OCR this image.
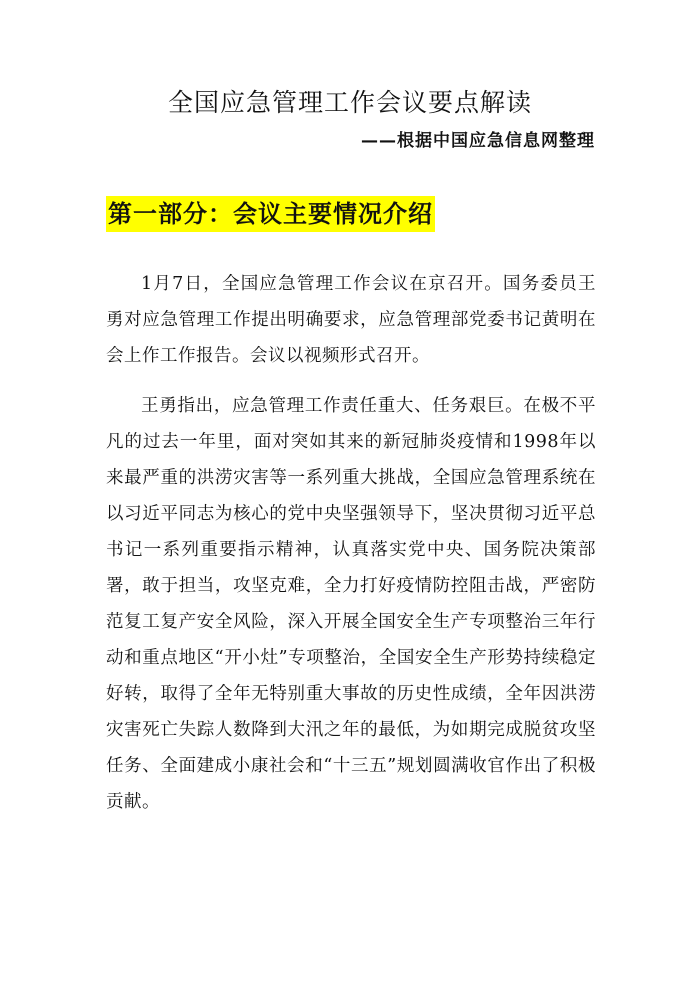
全国应急管理工作会议要点解读
——根据中国应急信息网整理
第一部分：会议主要情况介绍

1月7日，全国应急管理工作会议在京召开。国务委员王勇对应急管理工作提出明确要求，应急管理部党委书记黄明在会上作工作报告。会议以视频形式召开。

王勇指出，应急管理工作责任重大、任务艰巨。在极不平凡的过去一年里，面对突如其来的新冠肺炎疫情和1998年以来最严重的洪涝灾害等一系列重大挑战，全国应急管理系统在以习近平同志为核心的党中央坚强领导下，坚决贯彻习近平总书记一系列重要指示精神，认真落实党中央、国务院决策部署，敢于担当，攻坚克难，全力打好疫情防控阻击战，严密防范复工复产安全风险，深入开展全国安全生产专项整治三年行动和重点地区“开小灶”专项整治，全国安全生产形势持续稳定好转，取得了全年无特别重大事故的历史性成绩，全年因洪涝灾害死亡失踪人数降到大汛之年的最低，为如期完成脱贫攻坚任务、全面建成小康社会和“十三五”规划圆满收官作出了积极贡献。
